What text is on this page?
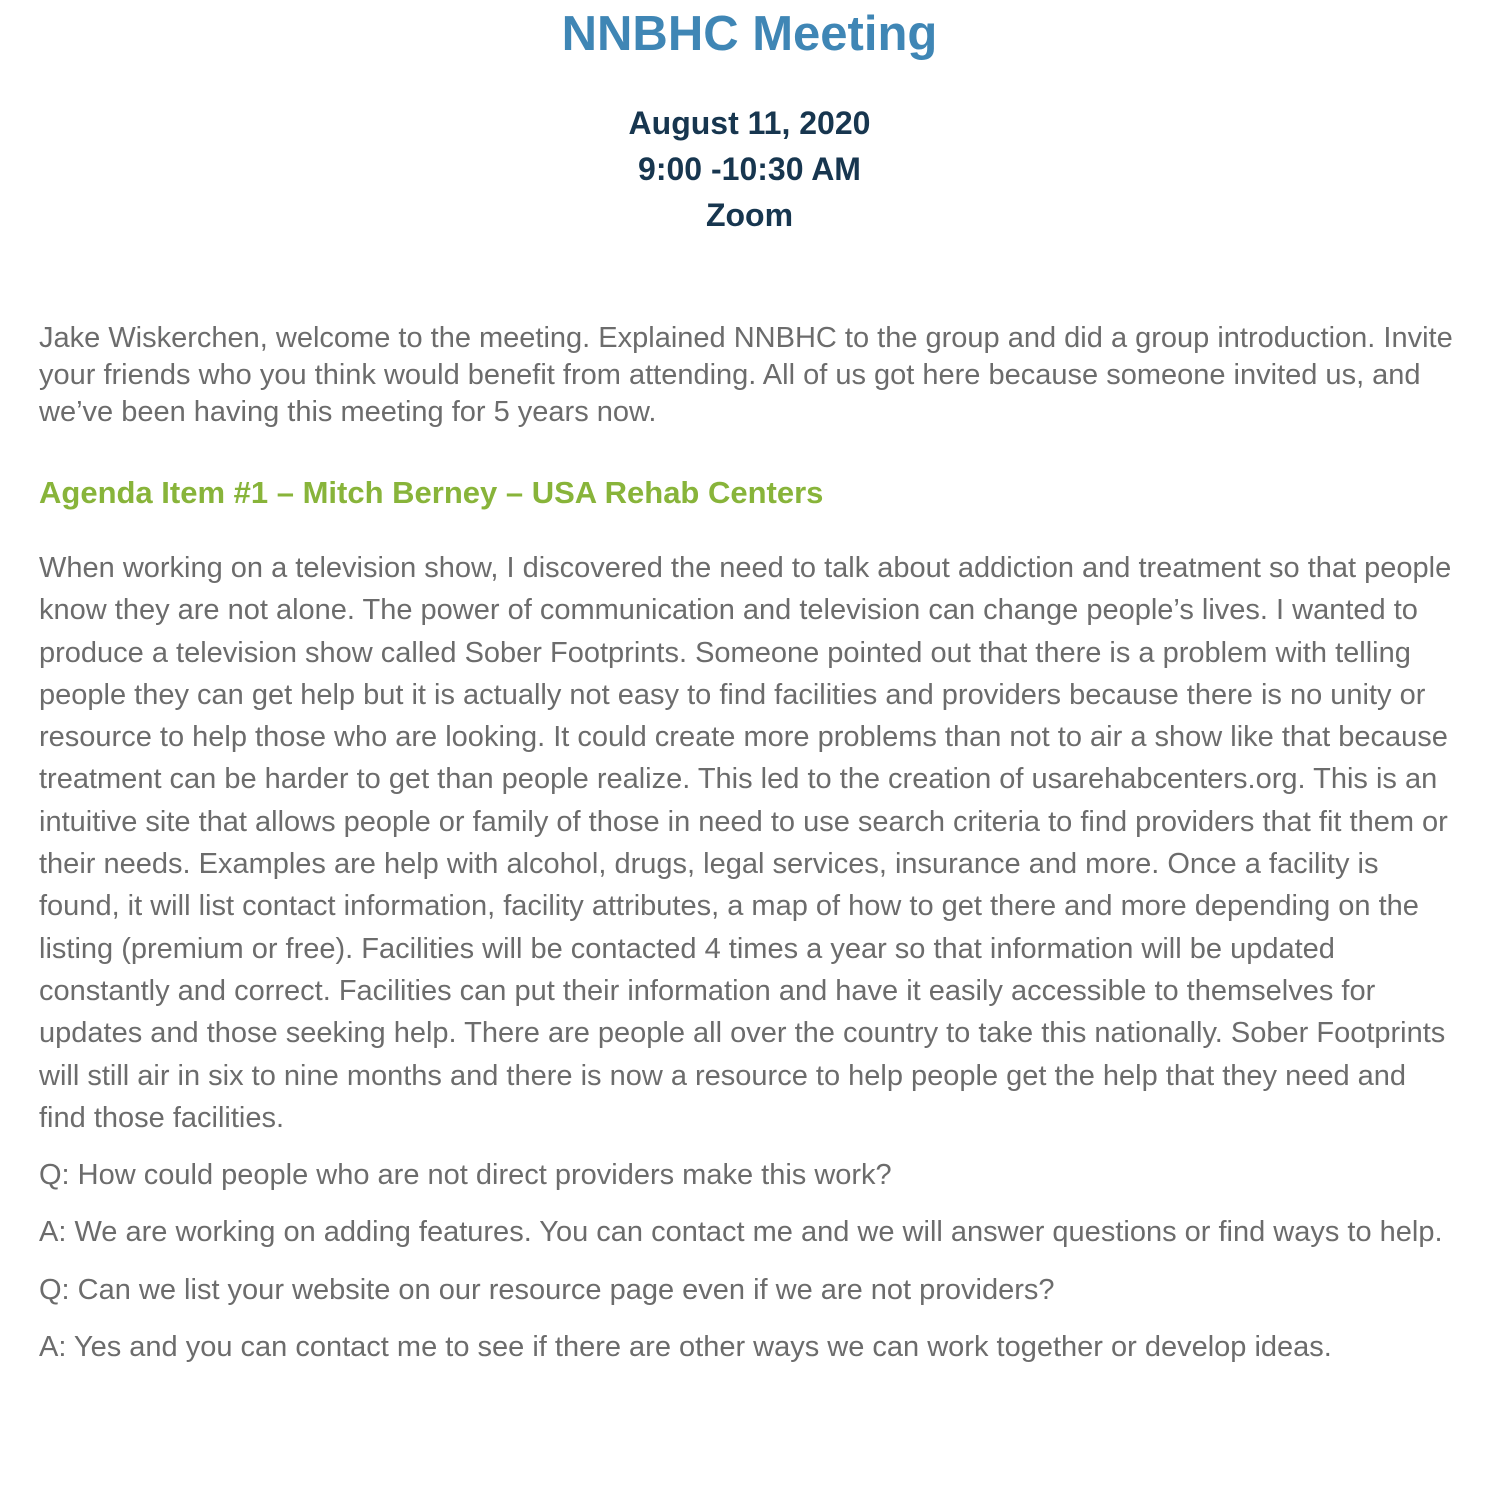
NNBHC Meeting
August 11, 2020
9:00 -10:30 AM
Zoom

Jake Wiskerchen, welcome to the meeting. Explained NNBHC to the group and did a group introduction. Invite your friends who you think would benefit from attending. All of us got here because someone invited us, and we’ve been having this meeting for 5 years now.

Agenda Item #1 – Mitch Berney – USA Rehab Centers

When working on a television show, I discovered the need to talk about addiction and treatment so that people know they are not alone. The power of communication and television can change people’s lives. I wanted to produce a television show called Sober Footprints. Someone pointed out that there is a problem with telling people they can get help but it is actually not easy to find facilities and providers because there is no unity or resource to help those who are looking. It could create more problems than not to air a show like that because treatment can be harder to get than people realize. This led to the creation of usarehabcenters.org. This is an intuitive site that allows people or family of those in need to use search criteria to find providers that fit them or their needs. Examples are help with alcohol, drugs, legal services, insurance and more. Once a facility is found, it will list contact information, facility attributes, a map of how to get there and more depending on the listing (premium or free). Facilities will be contacted 4 times a year so that information will be updated constantly and correct. Facilities can put their information and have it easily accessible to themselves for updates and those seeking help. There are people all over the country to take this nationally. Sober Footprints will still air in six to nine months and there is now a resource to help people get the help that they need and find those facilities.

Q: How could people who are not direct providers make this work?

A: We are working on adding features. You can contact me and we will answer questions or find ways to help.

Q: Can we list your website on our resource page even if we are not providers?

A: Yes and you can contact me to see if there are other ways we can work together or develop ideas.
